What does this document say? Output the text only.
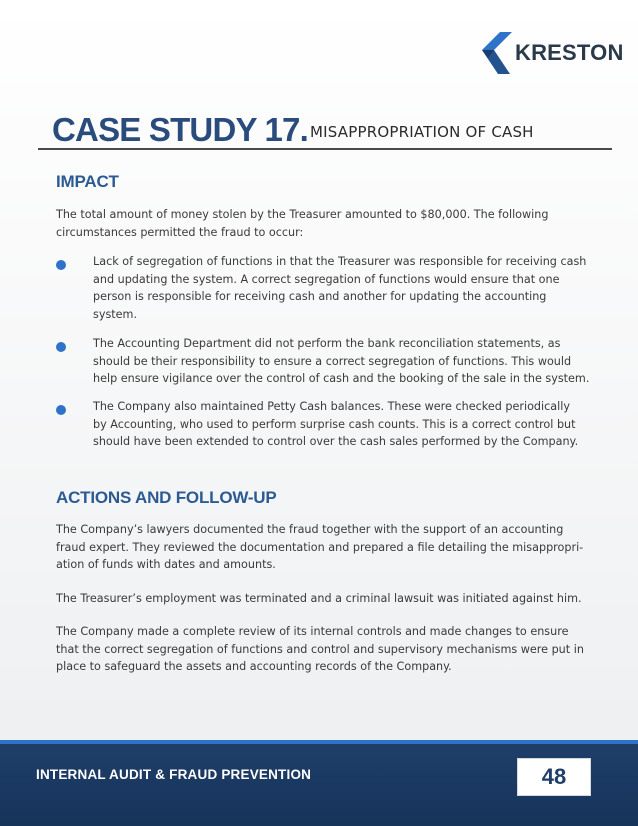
KRESTON
CASE STUDY 17. MISAPPROPRIATION OF CASH
IMPACT
The total amount of money stolen by the Treasurer amounted to $80,000. The following
circumstances permitted the fraud to occur:
Lack of segregation of functions in that the Treasurer was responsible for receiving cash
and updating the system. A correct segregation of functions would ensure that one
person is responsible for receiving cash and another for updating the accounting
system.
The Accounting Department did not perform the bank reconciliation statements, as
should be their responsibility to ensure a correct segregation of functions. This would
help ensure vigilance over the control of cash and the booking of the sale in the system.
The Company also maintained Petty Cash balances. These were checked periodically
by Accounting, who used to perform surprise cash counts. This is a correct control but
should have been extended to control over the cash sales performed by the Company.
ACTIONS AND FOLLOW-UP
The Company’s lawyers documented the fraud together with the support of an accounting
fraud expert. They reviewed the documentation and prepared a file detailing the misappropri-
ation of funds with dates and amounts.
The Treasurer’s employment was terminated and a criminal lawsuit was initiated against him.
The Company made a complete review of its internal controls and made changes to ensure
that the correct segregation of functions and control and supervisory mechanisms were put in
place to safeguard the assets and accounting records of the Company.
INTERNAL AUDIT & FRAUD PREVENTION	48
